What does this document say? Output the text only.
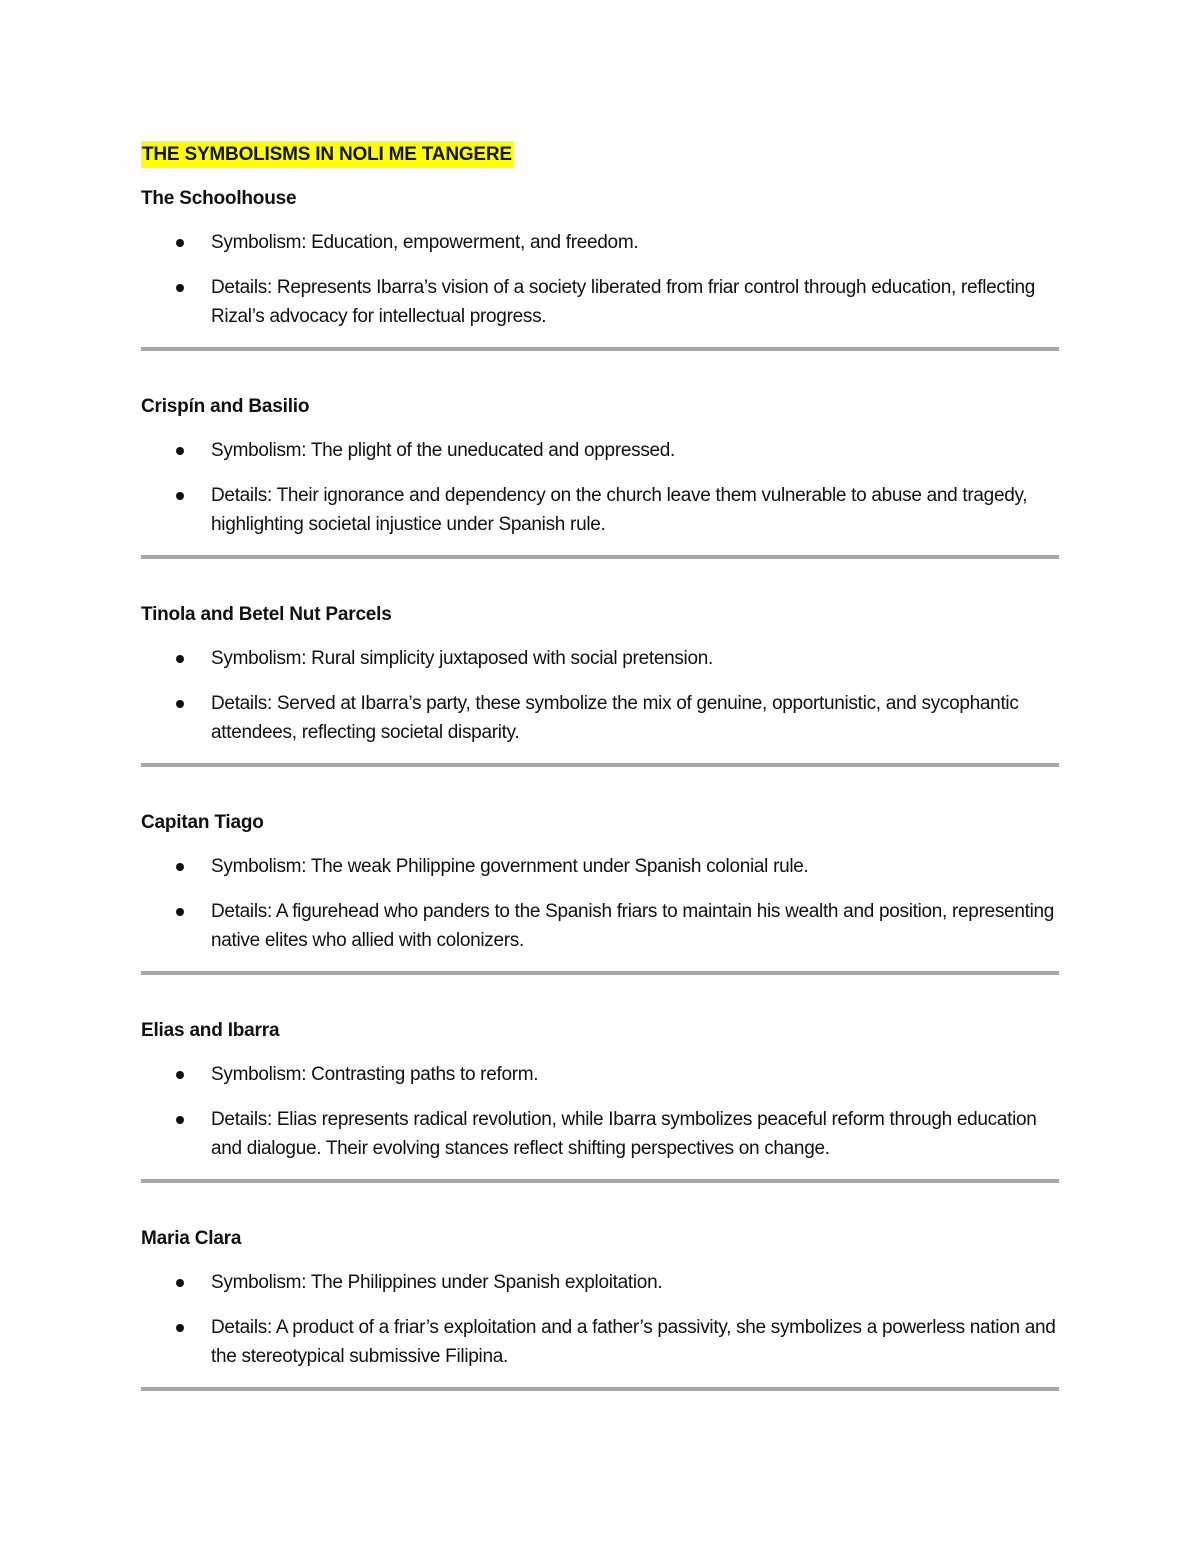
THE SYMBOLISMS IN NOLI ME TANGERE
The Schoolhouse
Symbolism: Education, empowerment, and freedom.
Details: Represents Ibarra’s vision of a society liberated from friar control through education, reflecting Rizal’s advocacy for intellectual progress.
Crispín and Basilio
Symbolism: The plight of the uneducated and oppressed.
Details: Their ignorance and dependency on the church leave them vulnerable to abuse and tragedy, highlighting societal injustice under Spanish rule.
Tinola and Betel Nut Parcels
Symbolism: Rural simplicity juxtaposed with social pretension.
Details: Served at Ibarra’s party, these symbolize the mix of genuine, opportunistic, and sycophantic attendees, reflecting societal disparity.
Capitan Tiago
Symbolism: The weak Philippine government under Spanish colonial rule.
Details: A figurehead who panders to the Spanish friars to maintain his wealth and position, representing native elites who allied with colonizers.
Elias and Ibarra
Symbolism: Contrasting paths to reform.
Details: Elias represents radical revolution, while Ibarra symbolizes peaceful reform through education and dialogue. Their evolving stances reflect shifting perspectives on change.
Maria Clara
Symbolism: The Philippines under Spanish exploitation.
Details: A product of a friar’s exploitation and a father’s passivity, she symbolizes a powerless nation and the stereotypical submissive Filipina.
